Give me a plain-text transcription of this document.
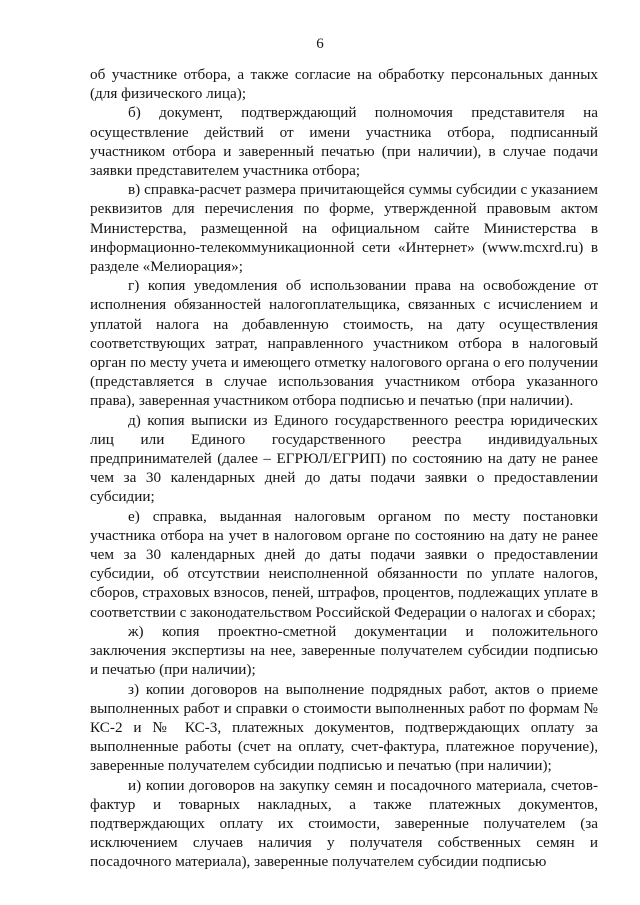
6

об участнике отбора, а также согласие на обработку персональных данных (для физического лица);

б) документ, подтверждающий полномочия представителя на осуществление действий от имени участника отбора, подписанный участником отбора и заверенный печатью (при наличии), в случае подачи заявки представителем участника отбора;

в) справка-расчет размера причитающейся суммы субсидии с указанием реквизитов для перечисления по форме, утвержденной правовым актом Министерства, размещенной на официальном сайте Министерства в информационно-телекоммуникационной сети «Интернет» (www.mcxrd.ru) в разделе «Мелиорация»;

г) копия уведомления об использовании права на освобождение от исполнения обязанностей налогоплательщика, связанных с исчислением и уплатой налога на добавленную стоимость, на дату осуществления соответствующих затрат, направленного участником отбора в налоговый орган по месту учета и имеющего отметку налогового органа о его получении (представляется в случае использования участником отбора указанного права), заверенная участником отбора подписью и печатью (при наличии).

д) копия выписки из Единого государственного реестра юридических лиц или Единого государственного реестра индивидуальных предпринимателей (далее – ЕГРЮЛ/ЕГРИП) по состоянию на дату не ранее чем за 30 календарных дней до даты подачи заявки о предоставлении субсидии;

е) справка, выданная налоговым органом по месту постановки участника отбора на учет в налоговом органе по состоянию на дату не ранее чем за 30 календарных дней до даты подачи заявки о предоставлении субсидии, об отсутствии неисполненной обязанности по уплате налогов, сборов, страховых взносов, пеней, штрафов, процентов, подлежащих уплате в соответствии с законодательством Российской Федерации о налогах и сборах;

ж) копия проектно-сметной документации и положительного заключения экспертизы на нее, заверенные получателем субсидии подписью и печатью (при наличии);

з) копии договоров на выполнение подрядных работ, актов о приеме выполненных работ и справки о стоимости выполненных работ по формам № КС-2 и № КС-3, платежных документов, подтверждающих оплату за выполненные работы (счет на оплату, счет-фактура, платежное поручение), заверенные получателем субсидии подписью и печатью (при наличии);

и) копии договоров на закупку семян и посадочного материала, счетов-фактур и товарных накладных, а также платежных документов, подтверждающих оплату их стоимости, заверенные получателем (за исключением случаев наличия у получателя собственных семян и посадочного материала), заверенные получателем субсидии подписью
